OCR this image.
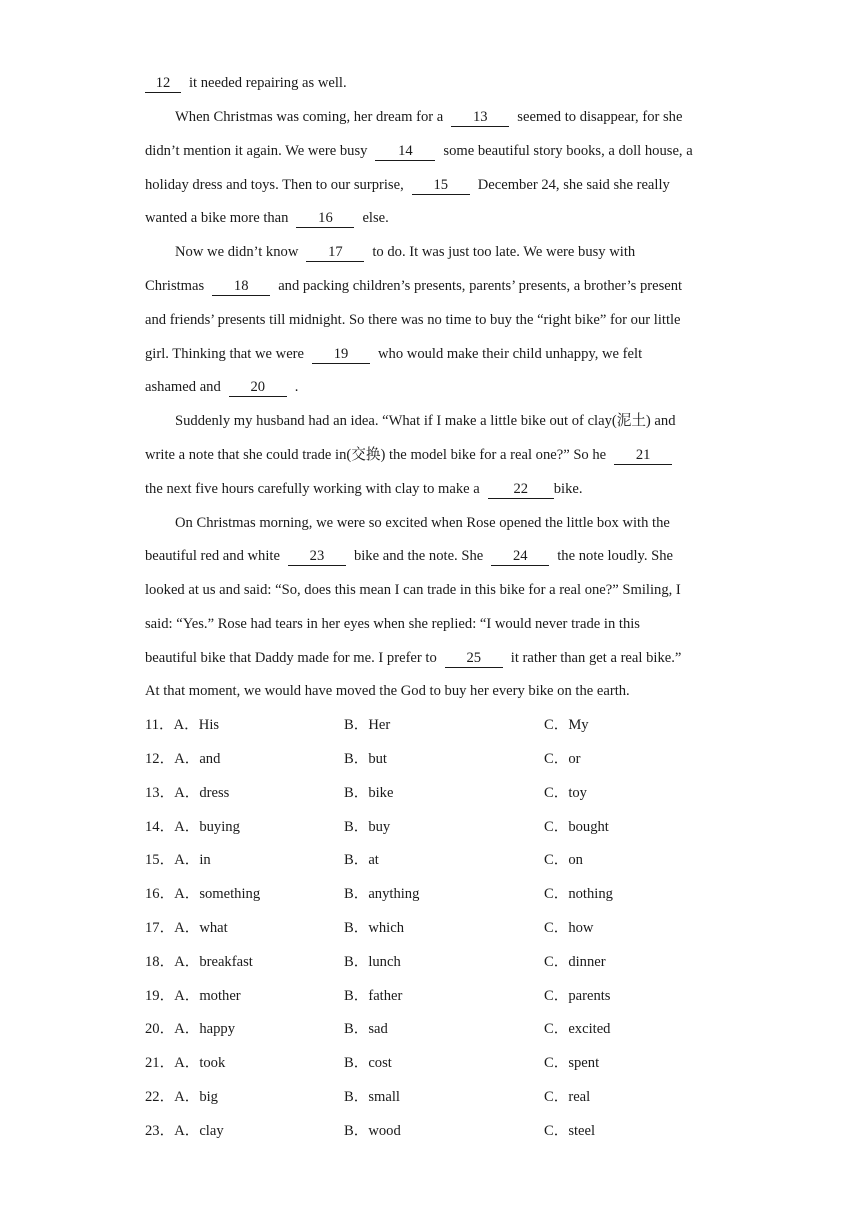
12 it needed repairing as well.
When Christmas was coming, her dream for a 13 seemed to disappear, for she
didn’t mention it again. We were busy 14 some beautiful story books, a doll house, a
holiday dress and toys. Then to our surprise, 15 December 24, she said she really
wanted a bike more than 16 else.
Now we didn’t know 17 to do. It was just too late. We were busy with
Christmas 18 and packing children’s presents, parents’ presents, a brother’s present
and friends’ presents till midnight. So there was no time to buy the “right bike” for our little
girl. Thinking that we were 19 who would make their child unhappy, we felt
ashamed and 20 .
Suddenly my husband had an idea. “What if I make a little bike out of clay(泥土) and
write a note that she could trade in(交换) the model bike for a real one?” So he 21
the next five hours carefully working with clay to make a 22 bike.
On Christmas morning, we were so excited when Rose opened the little box with the
beautiful red and white 23 bike and the note. She 24 the note loudly. She
looked at us and said: “So, does this mean I can trade in this bike for a real one?” Smiling, I
said: “Yes.” Rose had tears in her eyes when she replied: “I would never trade in this
beautiful bike that Daddy made for me. I prefer to 25 it rather than get a real bike.”
At that moment, we would have moved the God to buy her every bike on the earth.
11．A．His	B．Her	C．My
12．A．and	B．but	C．or
13．A．dress	B．bike	C．toy
14．A．buying	B．buy	C．bought
15．A．in	B．at	C．on
16．A．something	B．anything	C．nothing
17．A．what	B．which	C．how
18．A．breakfast	B．lunch	C．dinner
19．A．mother	B．father	C．parents
20．A．happy	B．sad	C．excited
21．A．took	B．cost	C．spent
22．A．big	B．small	C．real
23．A．clay	B．wood	C．steel
